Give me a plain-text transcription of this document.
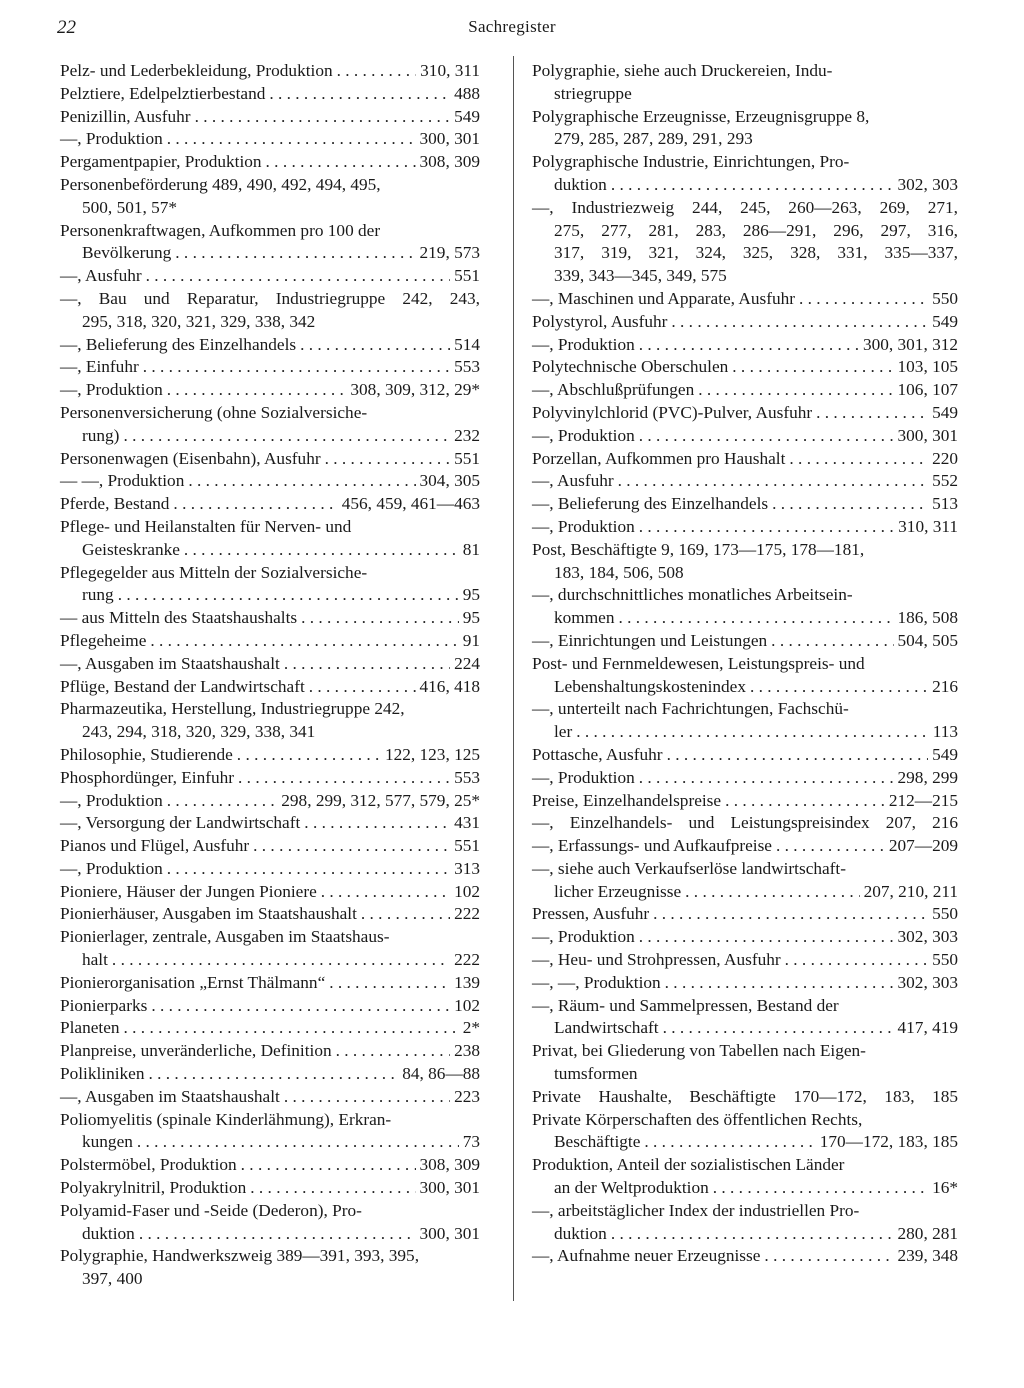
22	Sachregister
Pelz- und Lederbekleidung, Produktion . . .	310, 311
Pelztiere, Edelpelztierbestand . . .	488
Penizillin, Ausfuhr . . .	549
—, Produktion . . .	300, 301
Pergamentpapier, Produktion . . .	308, 309
Personenbeförderung 489, 490, 492, 494, 495,
500, 501, 57*
Personenkraftwagen, Aufkommen pro 100 der
Bevölkerung . . .	219, 573
—, Ausfuhr . . .	551
—, Bau und Reparatur, Industriegruppe 242, 243,
295, 318, 320, 321, 329, 338, 342
—, Belieferung des Einzelhandels . . .	514
—, Einfuhr . . .	553
—, Produktion . . .	308, 309, 312, 29*
Personenversicherung (ohne Sozialversiche-
rung) . . .	232
Personenwagen (Eisenbahn), Ausfuhr . . .	551
— —, Produktion . . .	304, 305
Pferde, Bestand . . .	456, 459, 461—463
Pflege- und Heilanstalten für Nerven- und
Geisteskranke . . .	81
Pflegegelder aus Mitteln der Sozialversiche-
rung . . .	95
— aus Mitteln des Staatshaushalts . . .	95
Pflegeheime . . .	91
—, Ausgaben im Staatshaushalt . . .	224
Pflüge, Bestand der Landwirtschaft . . .	416, 418
Pharmazeutika, Herstellung, Industriegruppe 242,
243, 294, 318, 320, 329, 338, 341
Philosophie, Studierende . . .	122, 123, 125
Phosphordünger, Einfuhr . . .	553
—, Produktion . . .	298, 299, 312, 577, 579, 25*
—, Versorgung der Landwirtschaft . . .	431
Pianos und Flügel, Ausfuhr . . .	551
—, Produktion . . .	313
Pioniere, Häuser der Jungen Pioniere . . .	102
Pionierhäuser, Ausgaben im Staatshaushalt . . .	222
Pionierlager, zentrale, Ausgaben im Staatshaus-
halt . . .	222
Pionierorganisation „Ernst Thälmann“ . . .	139
Pionierparks . . .	102
Planeten . . .	2*
Planpreise, unveränderliche, Definition . . .	238
Polikliniken . . .	84, 86—88
—, Ausgaben im Staatshaushalt . . .	223
Poliomyelitis (spinale Kinderlähmung), Erkran-
kungen . . .	73
Polstermöbel, Produktion . . .	308, 309
Polyakrylnitril, Produktion . . .	300, 301
Polyamid-Faser und -Seide (Dederon), Pro-
duktion . . .	300, 301
Polygraphie, Handwerkszweig 389—391, 393, 395,
397, 400
Polygraphie, siehe auch Druckereien, Indu-
striegruppe
Polygraphische Erzeugnisse, Erzeugnisgruppe 8,
279, 285, 287, 289, 291, 293
Polygraphische Industrie, Einrichtungen, Pro-
duktion . . .	302, 303
—, Industriezweig 244, 245, 260—263, 269, 271,
275, 277, 281, 283, 286—291, 296, 297, 316,
317, 319, 321, 324, 325, 328, 331, 335—337,
339, 343—345, 349, 575
—, Maschinen und Apparate, Ausfuhr . . .	550
Polystyrol, Ausfuhr . . .	549
—, Produktion . . .	300, 301, 312
Polytechnische Oberschulen . . .	103, 105
—, Abschlußprüfungen . . .	106, 107
Polyvinylchlorid (PVC)-Pulver, Ausfuhr . . .	549
—, Produktion . . .	300, 301
Porzellan, Aufkommen pro Haushalt . . .	220
—, Ausfuhr . . .	552
—, Belieferung des Einzelhandels . . .	513
—, Produktion . . .	310, 311
Post, Beschäftigte 9, 169, 173—175, 178—181,
183, 184, 506, 508
—, durchschnittliches monatliches Arbeitsein-
kommen . . .	186, 508
—, Einrichtungen und Leistungen . . .	504, 505
Post- und Fernmeldewesen, Leistungspreis- und
Lebenshaltungskostenindex . . .	216
—, unterteilt nach Fachrichtungen, Fachschü-
ler . . .	113
Pottasche, Ausfuhr . . .	549
—, Produktion . . .	298, 299
Preise, Einzelhandelspreise . . .	212—215
—, Einzelhandels- und Leistungspreisindex 207, 216
—, Erfassungs- und Aufkaufpreise . . .	207—209
—, siehe auch Verkaufserlöse landwirtschaft-
licher Erzeugnisse . . .	207, 210, 211
Pressen, Ausfuhr . . .	550
—, Produktion . . .	302, 303
—, Heu- und Strohpressen, Ausfuhr . . .	550
—, —, Produktion . . .	302, 303
—, Räum- und Sammelpressen, Bestand der
Landwirtschaft . . .	417, 419
Privat, bei Gliederung von Tabellen nach Eigen-
tumsformen
Private Haushalte, Beschäftigte 170—172, 183, 185
Private Körperschaften des öffentlichen Rechts,
Beschäftigte . . .	170—172, 183, 185
Produktion, Anteil der sozialistischen Länder
an der Weltproduktion . . .	16*
—, arbeitstäglicher Index der industriellen Pro-
duktion . . .	280, 281
—, Aufnahme neuer Erzeugnisse . . .	239, 348
